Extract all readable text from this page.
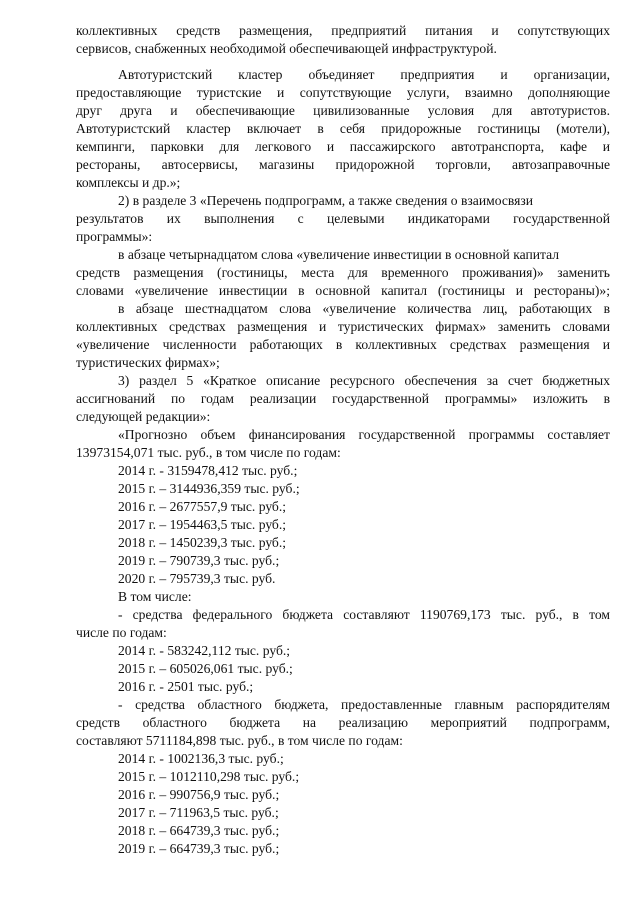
коллективных средств размещения, предприятий питания и сопутствующих
сервисов, снабженных необходимой обеспечивающей инфраструктурой.
Автотуристский кластер объединяет предприятия и организации,
предоставляющие туристские и сопутствующие услуги, взаимно дополняющие
друг друга и обеспечивающие цивилизованные условия для автотуристов.
Автотуристский кластер включает в себя придорожные гостиницы (мотели),
кемпинги, парковки для легкового и пассажирского автотранспорта, кафе и
рестораны, автосервисы, магазины придорожной торговли, автозаправочные
комплексы и др.»;
2) в разделе 3 «Перечень подпрограмм, а также сведения о взаимосвязи
результатов их выполнения с целевыми индикаторами государственной
программы»:
в абзаце четырнадцатом слова «увеличение инвестиции в основной капитал
средств размещения (гостиницы, места для временного проживания)» заменить
словами «увеличение инвестиции в основной капитал (гостиницы и рестораны)»;
в абзаце шестнадцатом слова «увеличение количества лиц, работающих в
коллективных средствах размещения и туристических фирмах» заменить словами
«увеличение численности работающих в коллективных средствах размещения и
туристических фирмах»;
3) раздел 5 «Краткое описание ресурсного обеспечения за счет бюджетных
ассигнований по годам реализации государственной программы» изложить в
следующей редакции»:
«Прогнозно объем финансирования государственной программы составляет
13973154,071 тыс. руб., в том числе по годам:
2014 г. - 3159478,412 тыс. руб.;
2015 г. – 3144936,359 тыс. руб.;
2016 г. – 2677557,9 тыс. руб.;
2017 г. – 1954463,5 тыс. руб.;
2018 г. – 1450239,3 тыс. руб.;
2019 г. – 790739,3 тыс. руб.;
2020 г. – 795739,3 тыс. руб.
В том числе:
- средства федерального бюджета составляют 1190769,173 тыс. руб., в том
числе по годам:
2014 г. - 583242,112 тыс. руб.;
2015 г. – 605026,061 тыс. руб.;
2016 г. - 2501 тыс. руб.;
- средства областного бюджета, предоставленные главным распорядителям
средств областного бюджета на реализацию мероприятий подпрограмм,
составляют 5711184,898 тыс. руб., в том числе по годам:
2014 г. - 1002136,3 тыс. руб.;
2015 г. – 1012110,298 тыс. руб.;
2016 г. – 990756,9 тыс. руб.;
2017 г. – 711963,5 тыс. руб.;
2018 г. – 664739,3 тыс. руб.;
2019 г. – 664739,3 тыс. руб.;
